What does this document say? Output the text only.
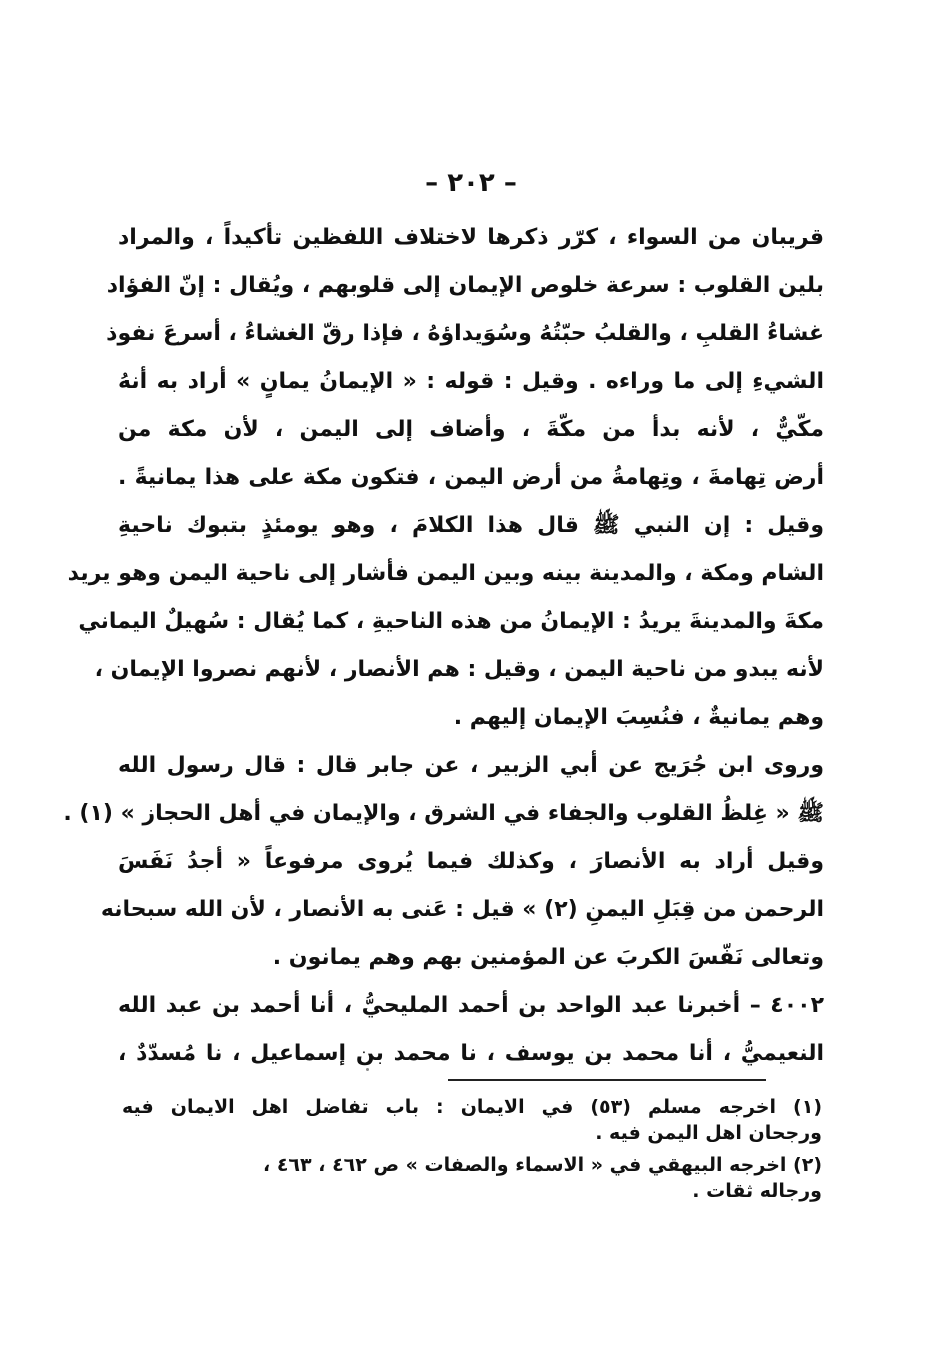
– ٢٠٢ –
قريبان من السواء ، كرّر ذكرها لاختلاف اللفظين تأكيداً ، والمراد
بلين القلوب : سرعة خلوص الإيمان إلى قلوبهم ، ويُقال : إنّ الفؤاد
غشاءُ القلبِ ، والقلبُ حبّتُهُ وسُوَيداؤهُ ، فإذا رقّ الغشاءُ ، أسرعَ نفوذ
الشيءِ إلى ما وراءه . وقيل : قوله : « الإيمانُ يمانٍ » أراد به أنهُ
مكّيٌّ ، لأنه بدأ من مكّةَ ، وأضاف إلى اليمن ، لأن مكة من
أرض تِهامةَ ، وتِهامةُ من أرض اليمن ، فتكون مكة على هذا يمانيةً .
وقيل : إن النبي ﷺ قال هذا الكلامَ ، وهو يومئذٍ بتبوك ناحيةِ
الشام ومكة ، والمدينة بينه وبين اليمن فأشار إلى ناحية اليمن وهو يريد
مكةَ والمدينةَ يريدُ : الإيمانُ من هذه الناحيةِ ، كما يُقال : سُهيلٌ اليماني
لأنه يبدو من ناحية اليمن ، وقيل : هم الأنصار ، لأنهم نصروا الإيمان ،
وهم يمانيةٌ ، فنُسِبَ الإيمان إليهم .
وروى ابن جُرَيج عن أبي الزبير ، عن جابر قال : قال رسول الله
ﷺ « غِلظُ القلوب والجفاء في الشرق ، والإيمان في أهل الحجاز » (١) .
وقيل أراد به الأنصارَ ، وكذلك فيما يُروى مرفوعاً « أجدُ نَفَسَ
الرحمن من قِبَلِ اليمنِ (٢) » قيل : عَنى به الأنصار ، لأن الله سبحانه
وتعالى نَفّسَ الكربَ عن المؤمنين بهم وهم يمانون .
٤٠٠٢ – أخبرنا عبد الواحد بن أحمد المليحيُّ ، أنا أحمد بن عبد الله
النعيميُّ ، أنا محمد بن يوسف ، نا محمد بن إسماعيل ، نا مُسدّدٌ ،
(١) اخرجه مسلم (٥٣) في الايمان : باب تفاضل اهل الايمان فيه
ورجحان اهل اليمن فيه .
(٢) اخرجه البيهقي في « الاسماء والصفات » ص ٤٦٢ ، ٤٦٣ ،
ورجاله ثقات .
